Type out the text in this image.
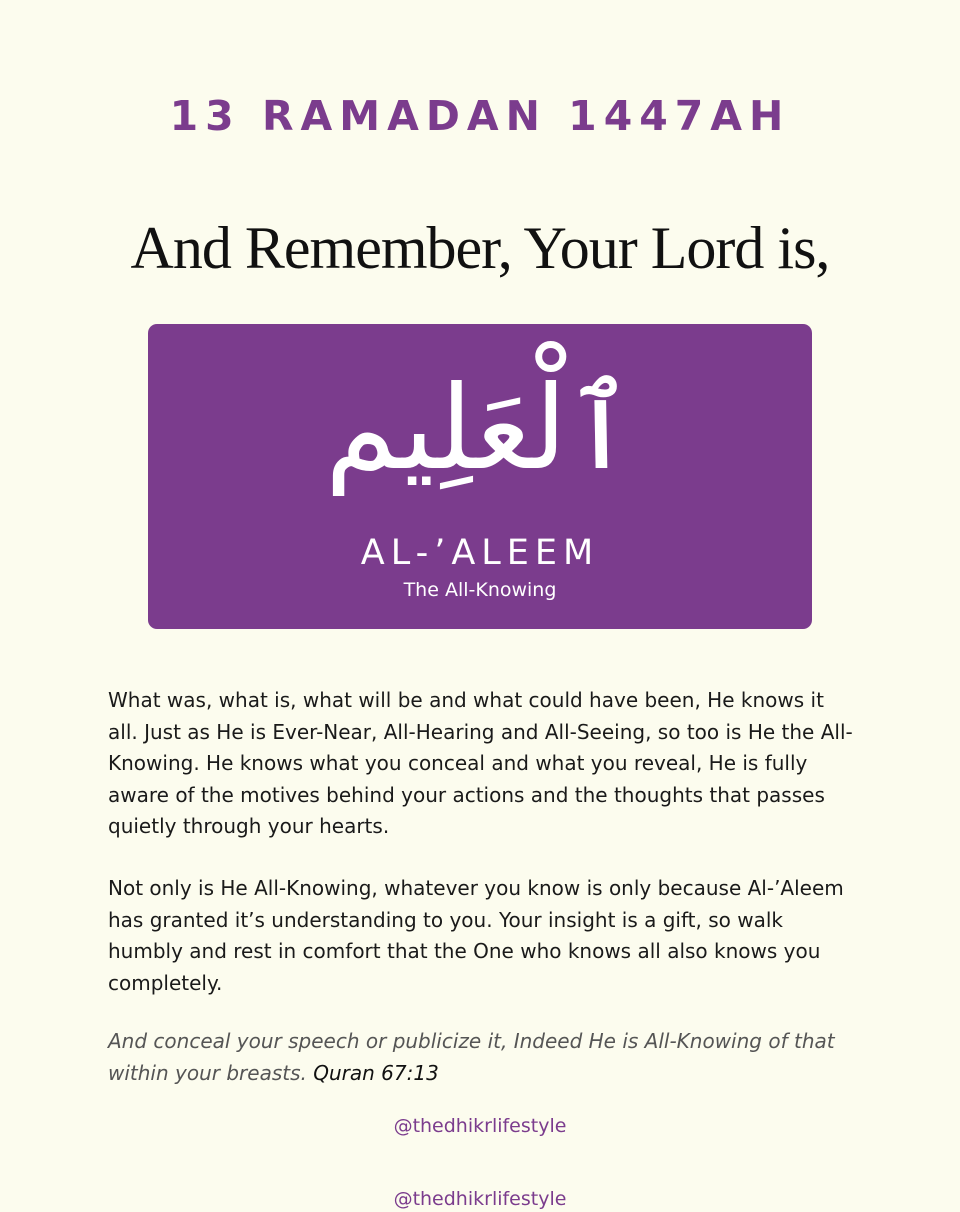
13 RAMADAN 1447AH
And Remember, Your Lord is,
ٱلْعَلِيم
AL-’ALEEM
The All-Knowing

What was, what is, what will be and what could have been, He knows it all. Just as He is Ever-Near, All-Hearing and All-Seeing, so too is He the All-Knowing. He knows what you conceal and what you reveal, He is fully aware of the motives behind your actions and the thoughts that passes quietly through your hearts.

Not only is He All-Knowing, whatever you know is only because Al-’Aleem has granted it’s understanding to you. Your insight is a gift, so walk humbly and rest in comfort that the One who knows all also knows you completely.

And conceal your speech or publicize it, Indeed He is All-Knowing of that within your breasts. Quran 67:13

@thedhikrlifestyle
@thedhikrlifestyle
